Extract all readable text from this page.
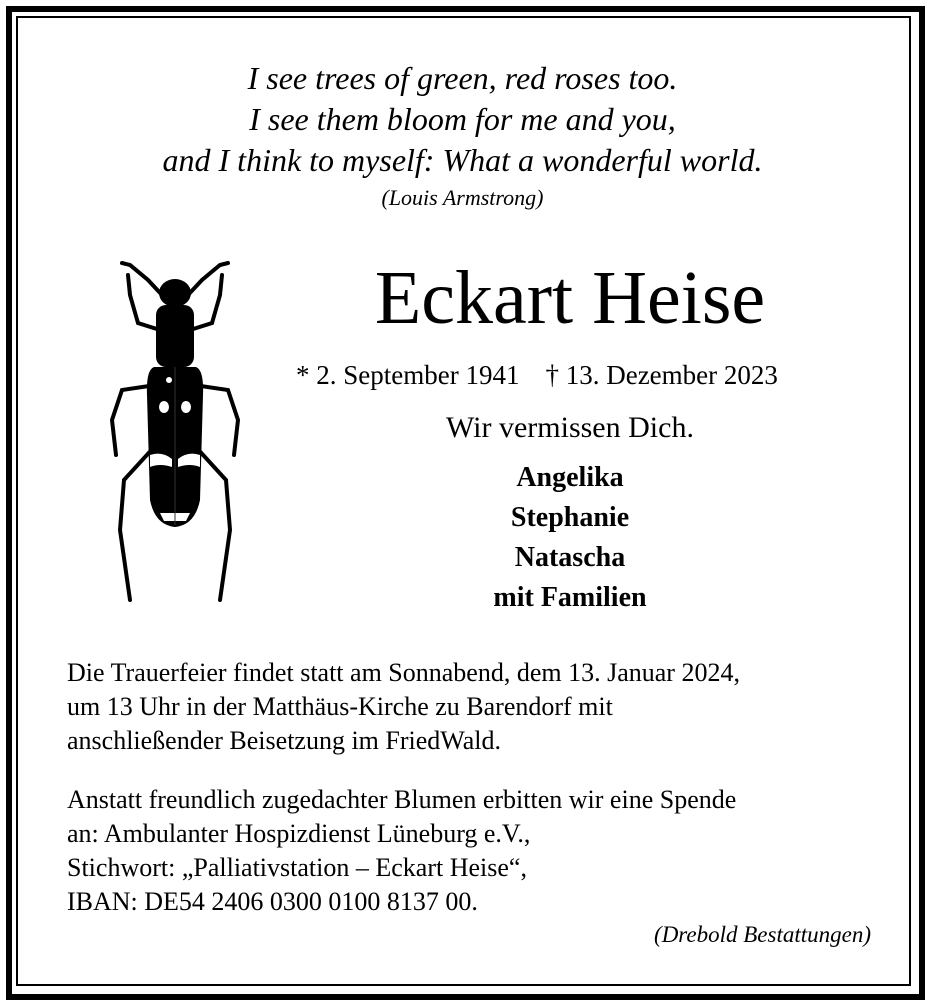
I see trees of green, red roses too.
I see them bloom for me and you,
and I think to myself: What a wonderful world.
(Louis Armstrong)
Eckart Heise
* 2. September 1941 † 13. Dezember 2023
Wir vermissen Dich.
Angelika
Stephanie
Natascha
mit Familien
Die Trauerfeier findet statt am Sonnabend, dem 13. Januar 2024,
um 13 Uhr in der Matthäus-Kirche zu Barendorf mit
anschließender Beisetzung im FriedWald.
Anstatt freundlich zugedachter Blumen erbitten wir eine Spende
an: Ambulanter Hospizdienst Lüneburg e.V.,
Stichwort: „Palliativstation – Eckart Heise“,
IBAN: DE54 2406 0300 0100 8137 00.
(Drebold Bestattungen)
